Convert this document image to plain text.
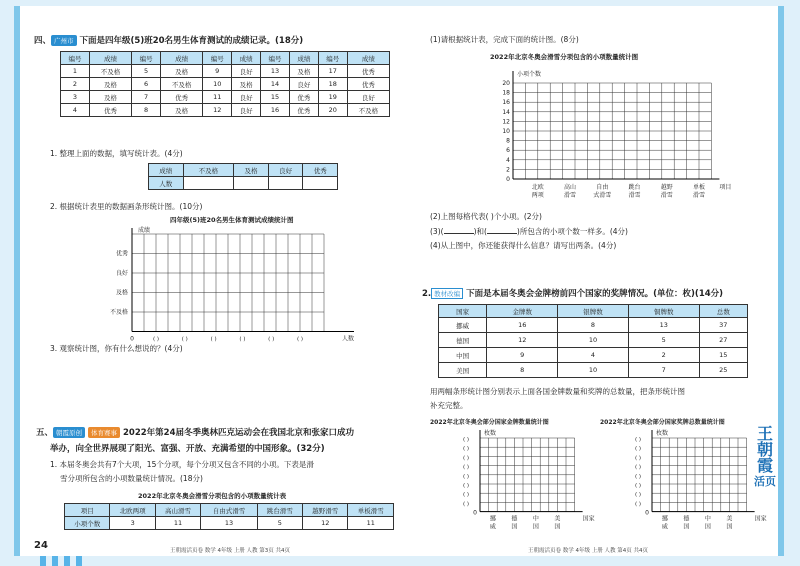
四、 广州市 下面是四年级(5)班20名男生体育测试的成绩记录。(18分)
编号	成绩	编号	成绩	编号	成绩	编号	成绩	编号	成绩
1	不及格	5	及格	9	良好	13	及格	17	优秀
2	及格	6	不及格	10	及格	14	良好	18	优秀
3	及格	7	优秀	11	良好	15	优秀	19	良好
4	优秀	8	及格	12	良好	16	优秀	20	不及格
1. 整理上面的数据，填写统计表。(4分)
成绩	不及格	及格	良好	优秀
人数				
2. 根据统计表里的数据画条形统计图。(10分)
四年级(5)班20名男生体育测试成绩统计图
成绩
优秀
良好
及格
不及格
0	( )	( )	( )	( )	( )	( )	人数
3. 观察统计图，你有什么想说的？(4分)
五、 朝霞原创 体育赛事 2022年第24届冬季奥林匹克运动会在我国北京和张家口成功
举办，向全世界展现了阳光、富强、开放、充满希望的中国形象。(32分)
1. 本届冬奥会共有7个大项，15个分项，每个分项又包含不同的小项。下表是滑
雪分项所包含的小项数量统计情况。(18分)
2022年北京冬奥会滑雪分项包含的小项数量统计表
项目	北欧两项	高山滑雪	自由式滑雪	跳台滑雪	越野滑雪	单板滑雪
小项个数	3	11	13	5	12	11
24	王朝霞活页卷 数学 4年级 上册 人教 第3页 共4页
(1)请根据统计表，完成下面的统计图。(8分)
2022年北京冬奥会滑雪分项包含的小项数量统计图
小项个数
20
18
16
14
12
10
8
6
4
2
0
北欧
两项
高山
滑雪
自由
式滑雪
跳台
滑雪
越野
滑雪
单板
滑雪
项目
(2)上图每格代表( )个小项。(2分)
(3)(	)和(	)所包含的小项个数一样多。(4分)
(4)从上图中，你还能获得什么信息？请写出两条。(4分)
2. 教材改编 下面是本届冬奥会金牌榜前四个国家的奖牌情况。(单位：枚)(14分)
国家	金牌数	银牌数	铜牌数	总数
挪威	16	8	13	37
德国	12	10	5	27
中国	9	4	2	15
美国	8	10	7	25
用两幅条形统计图分别表示上面各国金牌数量和奖牌的总数量，把条形统计图
补充完整。
2022年北京冬奥会部分国家金牌数量统计图	2022年北京冬奥会部分国家奖牌总数量统计图
枚数
( )
( )
( )
( )
( )
( )
( )
( )
0
挪
威
德
国
中
国
美
国
国家
枚数
( )
( )
( )
( )
( )
( )
( )
( )
0
挪
威
德
国
中
国
美
国
国家
王朝霞活页卷 数学 4年级 上册 人教 第4页 共4页
王
朝
霞
活页
